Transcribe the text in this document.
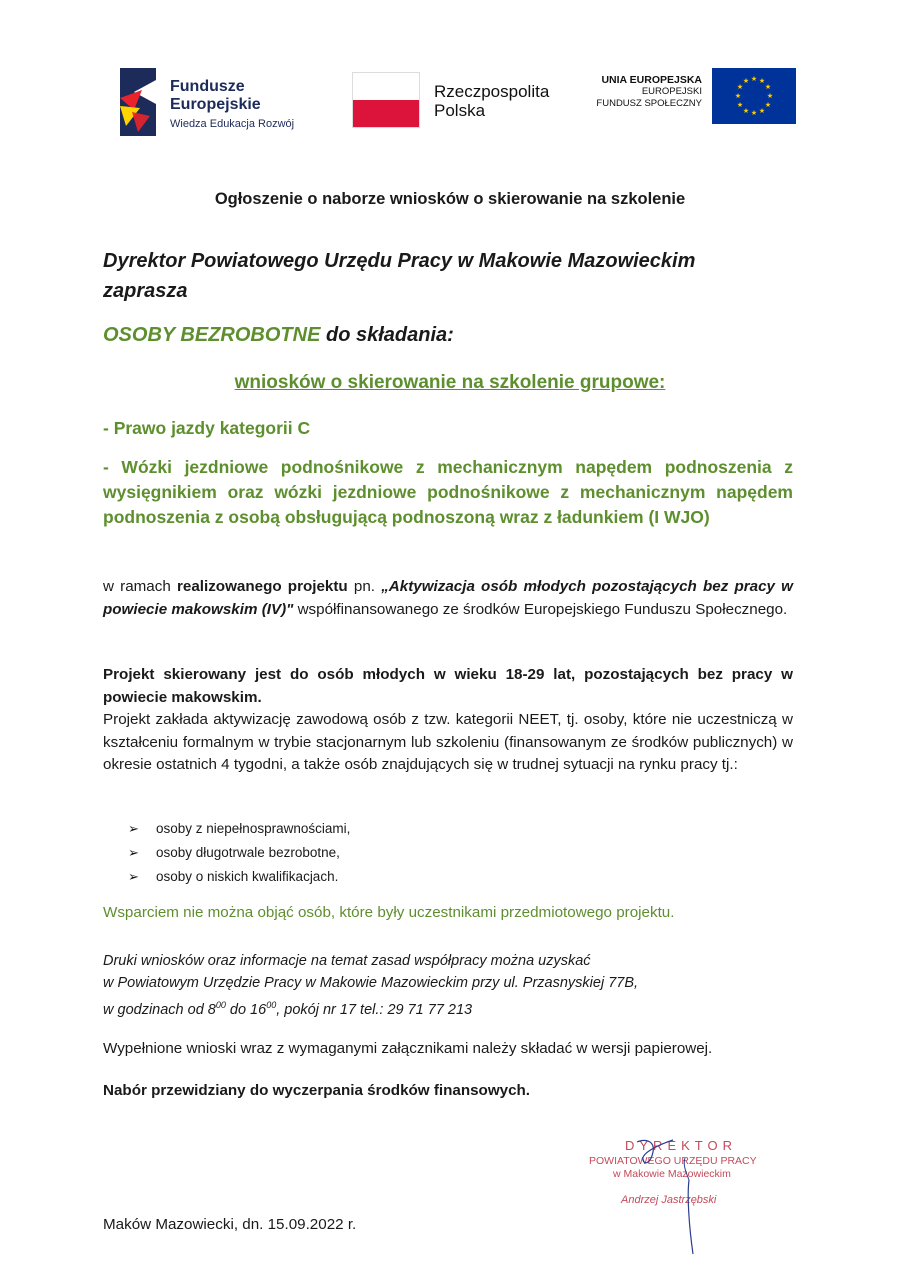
Fundusze
Europejskie
Wiedza Edukacja Rozwój
Rzeczpospolita
Polska
UNIA EUROPEJSKA
EUROPEJSKI
FUNDUSZ SPOŁECZNY
★ ★
★
★
★
★
★
★
★
★
★
★
Ogłoszenie o naborze wniosków o skierowanie na szkolenie
Dyrektor Powiatowego Urzędu Pracy w Makowie Mazowieckim
zaprasza
OSOBY BEZROBOTNE do składania:
wniosków o skierowanie na szkolenie grupowe:
- Prawo jazdy kategorii C
- Wózki jezdniowe podnośnikowe z mechanicznym napędem podnoszenia z wysięgnikiem oraz wózki jezdniowe podnośnikowe z mechanicznym napędem podnoszenia z osobą obsługującą podnoszoną wraz z ładunkiem (I WJO)
w ramach realizowanego projektu pn. „Aktywizacja osób młodych pozostających bez pracy w powiecie makowskim (IV)" współfinansowanego ze środków Europejskiego Funduszu Społecznego.
Projekt skierowany jest do osób młodych w wieku 18-29 lat, pozostających bez pracy w powiecie makowskim.
Projekt zakłada aktywizację zawodową osób z tzw. kategorii NEET, tj. osoby, które nie uczestniczą w kształceniu formalnym w trybie stacjonarnym lub szkoleniu (finansowanym ze środków publicznych) w okresie ostatnich 4 tygodni, a także osób znajdujących się w trudnej sytuacji na rynku pracy tj.:
➢	osoby z niepełnosprawnościami,
➢	osoby długotrwale bezrobotne,
➢	osoby o niskich kwalifikacjach.
Wsparciem nie można objąć osób, które były uczestnikami przedmiotowego projektu.
Druki wniosków oraz informacje na temat zasad współpracy można uzyskać
w Powiatowym Urzędzie Pracy w Makowie Mazowieckim przy ul. Przasnyskiej 77B,
w godzinach od $8^{00}$ do $16^{00}$, pokój nr 17 tel.: 29 71 77 213
Wypełnione wnioski wraz z wymaganymi załącznikami należy składać w wersji papierowej.
Nabór przewidziany do wyczerpania środków finansowych.
DYREKTOR
POWIATOWEGO URZĘDU PRACY
w Makowie Mazowieckim
Andrzej Jastrzębski
Maków Mazowiecki, dn. 15.09.2022 r.
